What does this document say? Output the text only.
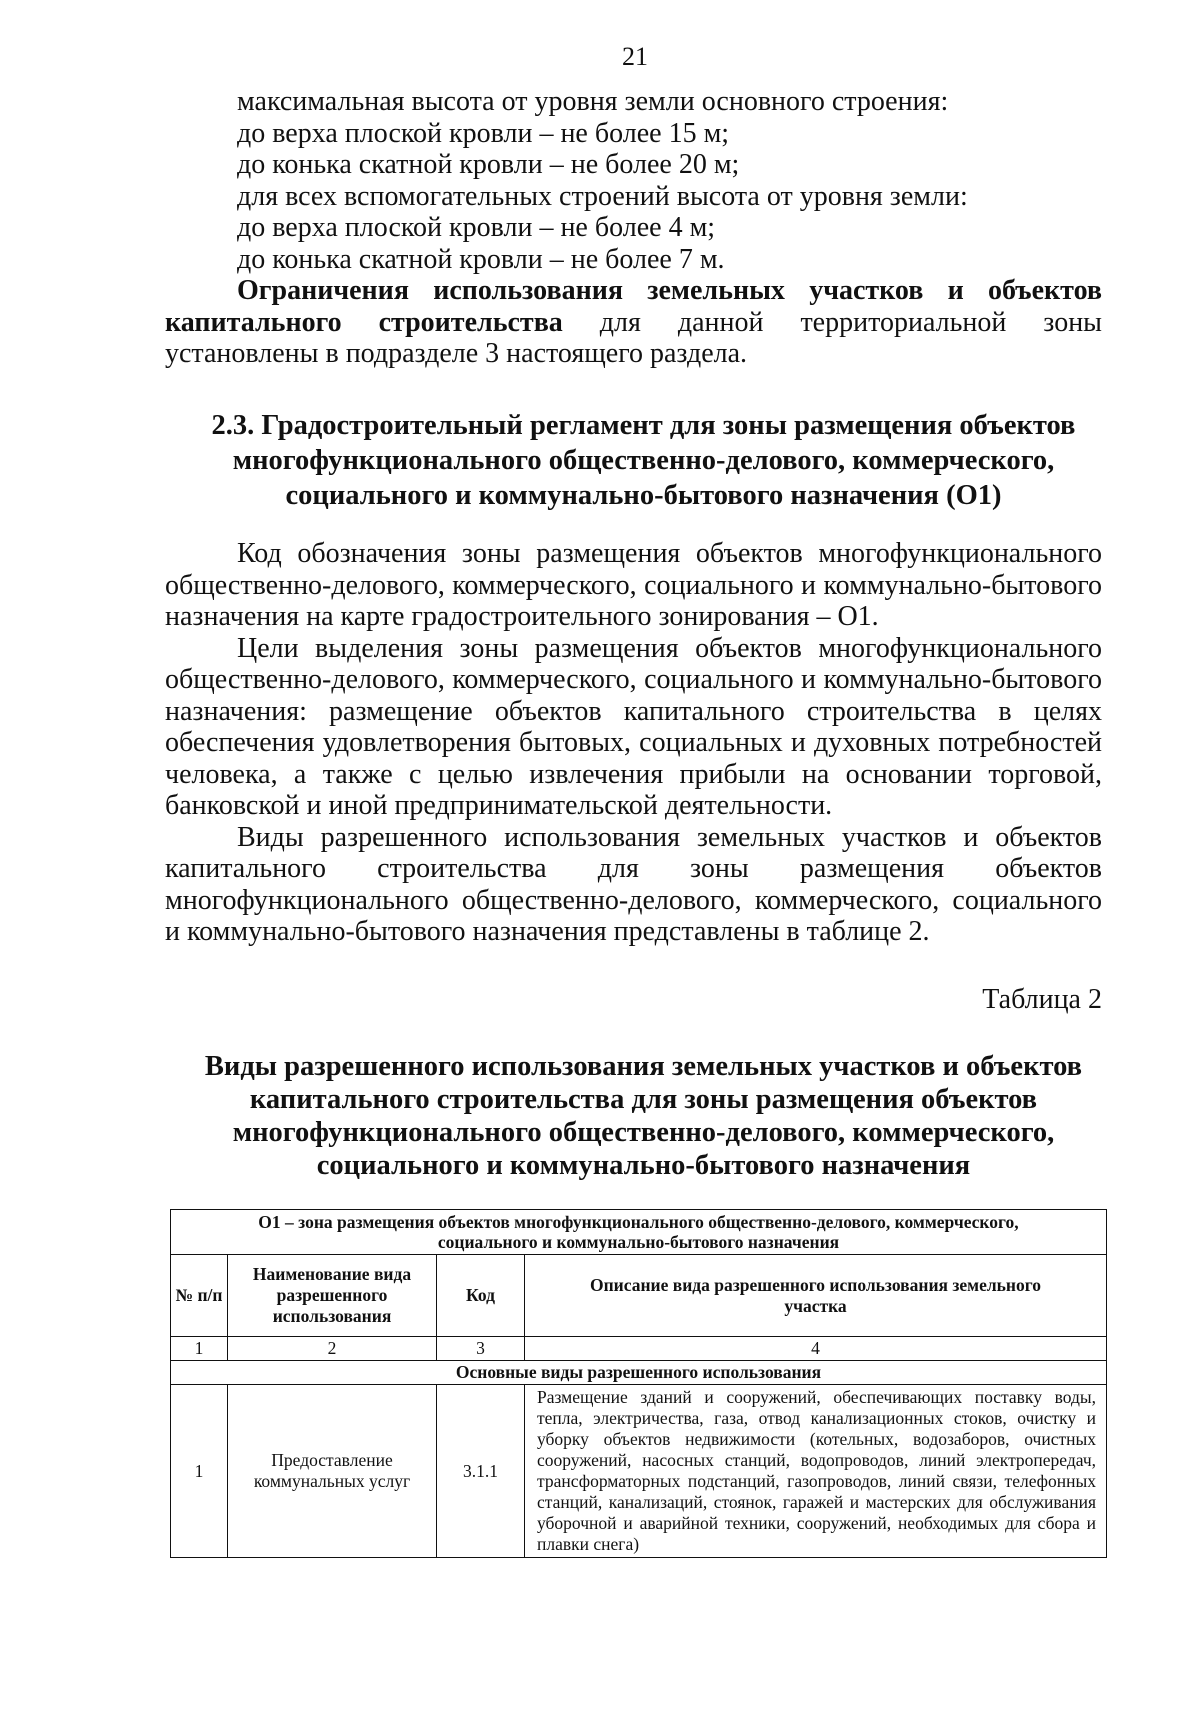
21
максимальная высота от уровня земли основного строения:
до верха плоской кровли – не более 15 м;
до конька скатной кровли – не более 20 м;
для всех вспомогательных строений высота от уровня земли:
до верха плоской кровли – не более 4 м;
до конька скатной кровли – не более 7 м.

Ограничения использования земельных участков и объектов капитального строительства для данной территориальной зоны установлены в подразделе 3 настоящего раздела.

2.3. Градостроительный регламент для зоны размещения объектов многофункционального общественно-делового, коммерческого, социального и коммунально-бытового назначения (О1)

Код обозначения зоны размещения объектов многофункционального общественно-делового, коммерческого, социального и коммунально-бытового назначения на карте градостроительного зонирования – О1.

Цели выделения зоны размещения объектов многофункционального общественно-делового, коммерческого, социального и коммунально-бытового назначения: размещение объектов капитального строительства в целях обеспечения удовлетворения бытовых, социальных и духовных потребностей человека, а также с целью извлечения прибыли на основании торговой, банковской и иной предпринимательской деятельности.

Виды разрешенного использования земельных участков и объектов капитального строительства для зоны размещения объектов многофункционального общественно-делового, коммерческого, социального и коммунально-бытового назначения представлены в таблице 2.

Таблица 2
Виды разрешенного использования земельных участков и объектов капитального строительства для зоны размещения объектов многофункционального общественно-делового, коммерческого, социального и коммунально-бытового назначения
О1 – зона размещения объектов многофункционального общественно-делового, коммерческого, социального и коммунально-бытового назначения			
№ п/п	Наименование вида разрешенного использования	Код	Описание вида разрешенного использования земельного участка
1	2	3	4
Основные виды разрешенного использования			
1	Предоставление коммунальных услуг	3.1.1	Размещение зданий и сооружений, обеспечивающих поставку воды, тепла, электричества, газа, отвод канализационных стоков, очистку и уборку объектов недвижимости (котельных, водозаборов, очистных сооружений, насосных станций, водопроводов, линий электропередач, трансформаторных подстанций, газопроводов, линий связи, телефонных станций, канализаций, стоянок, гаражей и мастерских для обслуживания уборочной и аварийной техники, сооружений, необходимых для сбора и плавки снега)
